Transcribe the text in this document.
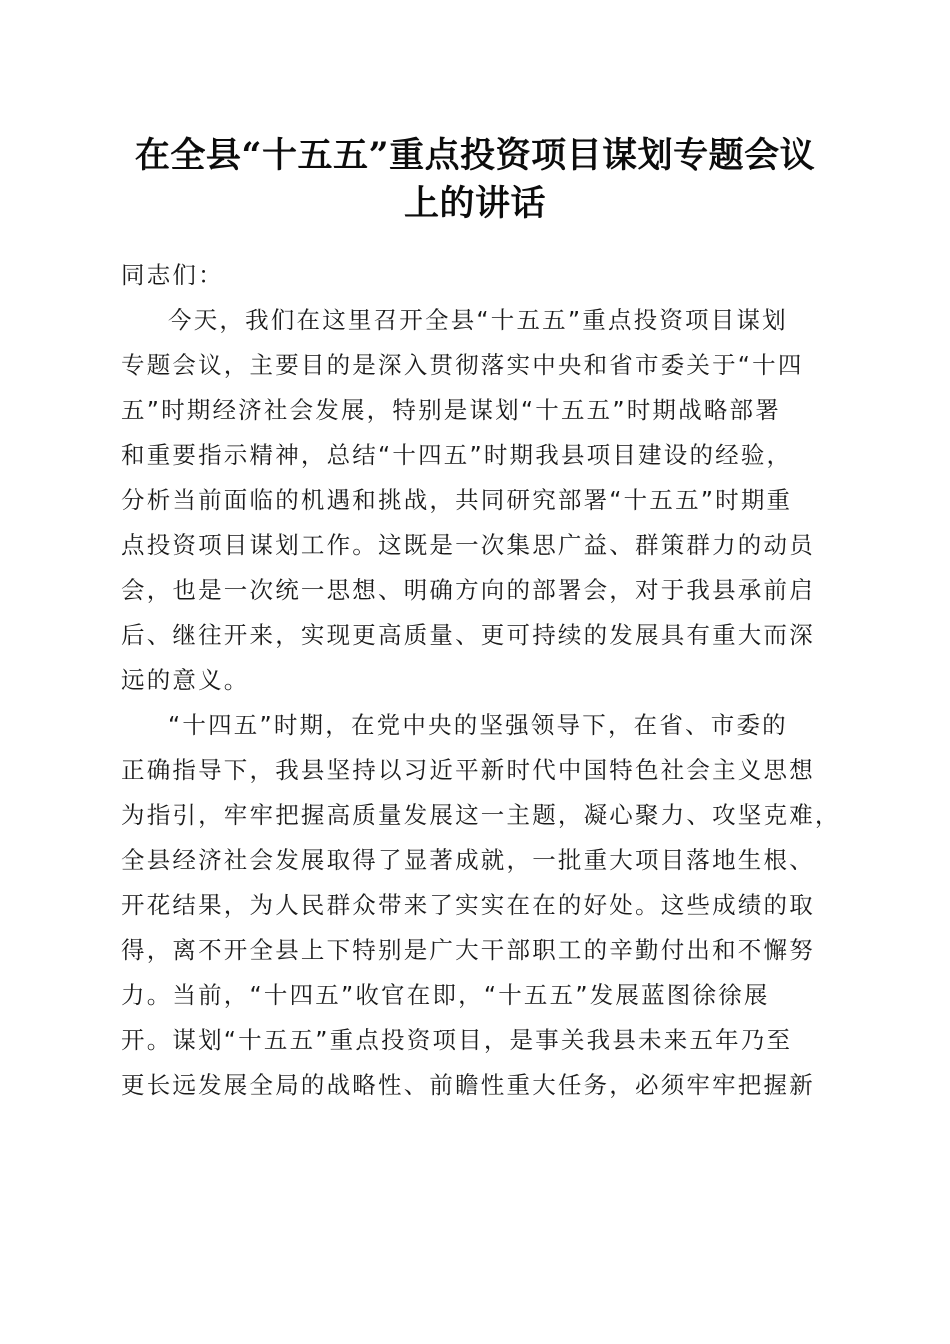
在全县“十五五”重点投资项目谋划专题会议
上的讲话

同志们：

今天，我们在这里召开全县“十五五”重点投资项目谋划
专题会议，主要目的是深入贯彻落实中央和省市委关于“十四
五”时期经济社会发展，特别是谋划“十五五”时期战略部署
和重要指示精神，总结“十四五”时期我县项目建设的经验，
分析当前面临的机遇和挑战，共同研究部署“十五五”时期重
点投资项目谋划工作。这既是一次集思广益、群策群力的动员
会，也是一次统一思想、明确方向的部署会，对于我县承前启
后、继往开来，实现更高质量、更可持续的发展具有重大而深
远的意义。

“十四五”时期，在党中央的坚强领导下，在省、市委的
正确指导下，我县坚持以习近平新时代中国特色社会主义思想
为指引，牢牢把握高质量发展这一主题，凝心聚力、攻坚克难，
全县经济社会发展取得了显著成就，一批重大项目落地生根、
开花结果，为人民群众带来了实实在在的好处。这些成绩的取
得，离不开全县上下特别是广大干部职工的辛勤付出和不懈努
力。当前，“十四五”收官在即，“十五五”发展蓝图徐徐展
开。谋划“十五五”重点投资项目，是事关我县未来五年乃至
更长远发展全局的战略性、前瞻性重大任务，必须牢牢把握新
